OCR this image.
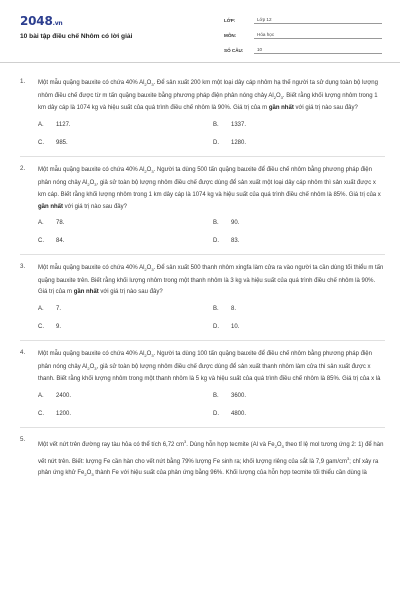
2048.vn
10 bài tập điều chế Nhôm có lời giải
LỚP:	Lớp 12
MÔN:	Hóa học
SỐ CÂU:	10
1. Một mẫu quặng bauxite có chứa 40% $Al_2O_3$. Để sản xuất 200 km một loại dây cáp nhôm hạ thế người ta sử dụng toàn bộ lượng nhôm điều chế được từ m tấn quặng bauxite bằng phương pháp điện phân nóng chảy $Al_2O_3$. Biết rằng khối lượng nhôm trong 1 km dây cáp là 1074 kg và hiệu suất của quá trình điều chế nhôm là 90%. Giá trị của m gần nhất với giá trị nào sau đây?
A. 1127.	B. 1337.
C. 985.	D. 1280.
2. Một mẫu quặng bauxite có chứa 40% $Al_2O_3$. Người ta dùng 500 tấn quặng bauxite để điều chế nhôm bằng phương pháp điện phân nóng chảy $Al_2O_3$, giả sử toàn bộ lượng nhôm điều chế được dùng để sản xuất một loại dây cáp nhôm thì sản xuất được x km cáp. Biết rằng khối lượng nhôm trong 1 km dây cáp là 1074 kg và hiệu suất của quá trình điều chế nhôm là 85%. Giá trị của x gần nhất với giá trị nào sau đây?
A. 78.	B. 90.
C. 84.	D. 83.
3. Một mẫu quặng bauxite có chứa 40% $Al_2O_3$. Để sản xuất 500 thanh nhôm xingfa làm cửa ra vào người ta cần dùng tối thiểu m tấn quặng bauxite trên. Biết rằng khối lượng nhôm trong một thanh nhôm là 3 kg và hiệu suất của quá trình điều chế nhôm là 90%. Giá trị của m gần nhất với giá trị nào sau đây?
A. 7.	B. 8.
C. 9.	D. 10.
4. Một mẫu quặng bauxite có chứa 40% $Al_2O_3$. Người ta dùng 100 tấn quặng bauxite để điều chế nhôm bằng phương pháp điện phân nóng chảy $Al_2O_3$, giả sử toàn bộ lượng nhôm điều chế được dùng để sản xuất thanh nhôm làm cửa thì sản xuất được x thanh. Biết rằng khối lượng nhôm trong một thanh nhôm là 5 kg và hiệu suất của quá trình điều chế nhôm là 85%. Giá trị của x là
A. 2400.	B. 3600.
C. 1200.	D. 4800.
5.
Một vết nứt trên đường ray tàu hỏa có thể tích 6,72 $cm^3$. Dùng hỗn hợp tecmite (Al và $Fe_2O_3$ theo tỉ lệ mol tương ứng 2: 1) để hàn vết nứt trên. Biết: lượng Fe cần hàn cho vết nứt bằng 79% lượng Fe sinh ra; khối lượng riêng của sắt là 7,9 gam/$cm^3$; chỉ xảy ra phản ứng khử $Fe_2O_3$ thành Fe với hiệu suất của phản ứng bằng 96%. Khối lượng của hỗn hợp tecmite tối thiểu cần dùng là
